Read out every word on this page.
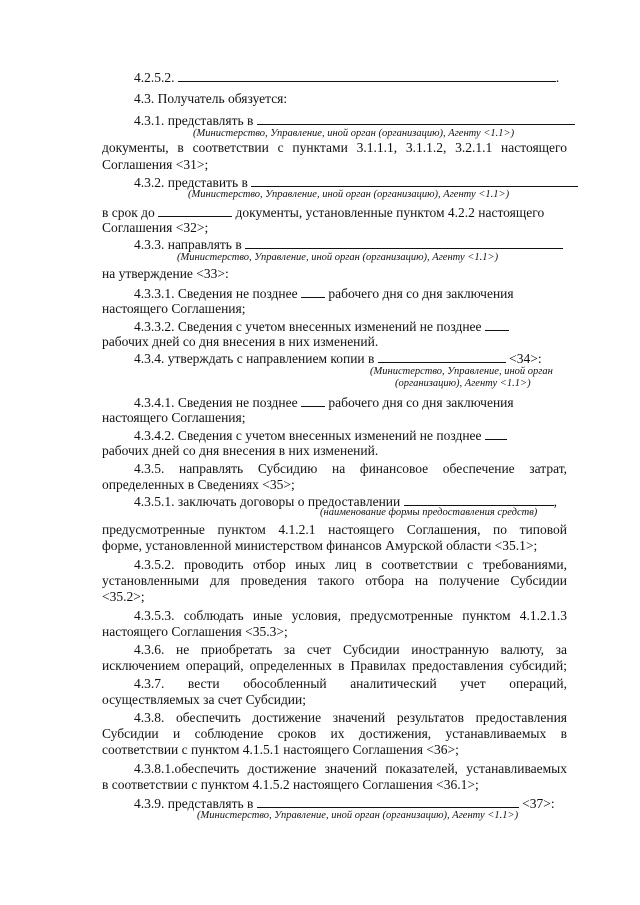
4.2.5.2.	.
4.3. Получатель обязуется:
4.3.1. представлять в
(Министерство, Управление, иной орган (организацию), Агенту <1.1>)
документы, в соответствии с пунктами 3.1.1.1, 3.1.1.2, 3.2.1.1 настоящего
Соглашения <31>;
4.3.2. представить в
(Министерство, Управление, иной орган (организацию), Агенту <1.1>)
в срок до	документы, установленные пунктом 4.2.2 настоящего
Соглашения <32>;
4.3.3. направлять в
(Министерство, Управление, иной орган (организацию), Агенту <1.1>)
на утверждение <33>:
4.3.3.1. Сведения не позднее рабочего дня со дня заключения
настоящего Соглашения;
4.3.3.2. Сведения с учетом внесенных изменений не позднее
рабочих дней со дня внесения в них изменений.
4.3.4. утверждать с направлением копии в	<34>:
(Министерство, Управление, иной орган
(организацию), Агенту <1.1>)
4.3.4.1. Сведения не позднее рабочего дня со дня заключения
настоящего Соглашения;
4.3.4.2. Сведения с учетом внесенных изменений не позднее
рабочих дней со дня внесения в них изменений.
4.3.5. направлять Субсидию на финансовое обеспечение затрат,
определенных в Сведениях <35>;
4.3.5.1. заключать договоры о предоставлении	,
(наименование формы предоставления средств)
предусмотренные пунктом 4.1.2.1 настоящего Соглашения, по типовой
форме, установленной министерством финансов Амурской области <35.1>;
4.3.5.2. проводить отбор иных лиц в соответствии с требованиями,
установленными для проведения такого отбора на получение Субсидии
<35.2>;
4.3.5.3. соблюдать иные условия, предусмотренные пунктом 4.1.2.1.3
настоящего Соглашения <35.3>;
4.3.6. не приобретать за счет Субсидии иностранную валюту, за
исключением операций, определенных в Правилах предоставления субсидий;
4.3.7. вести обособленный аналитический учет операций,
осуществляемых за счет Субсидии;
4.3.8. обеспечить достижение значений результатов предоставления
Субсидии и соблюдение сроков их достижения, устанавливаемых в
соответствии с пунктом 4.1.5.1 настоящего Соглашения <36>;
4.3.8.1.обеспечить достижение значений показателей, устанавливаемых
в соответствии с пунктом 4.1.5.2 настоящего Соглашения <36.1>;
4.3.9. представлять в	<37>:
(Министерство, Управление, иной орган (организацию), Агенту <1.1>)
